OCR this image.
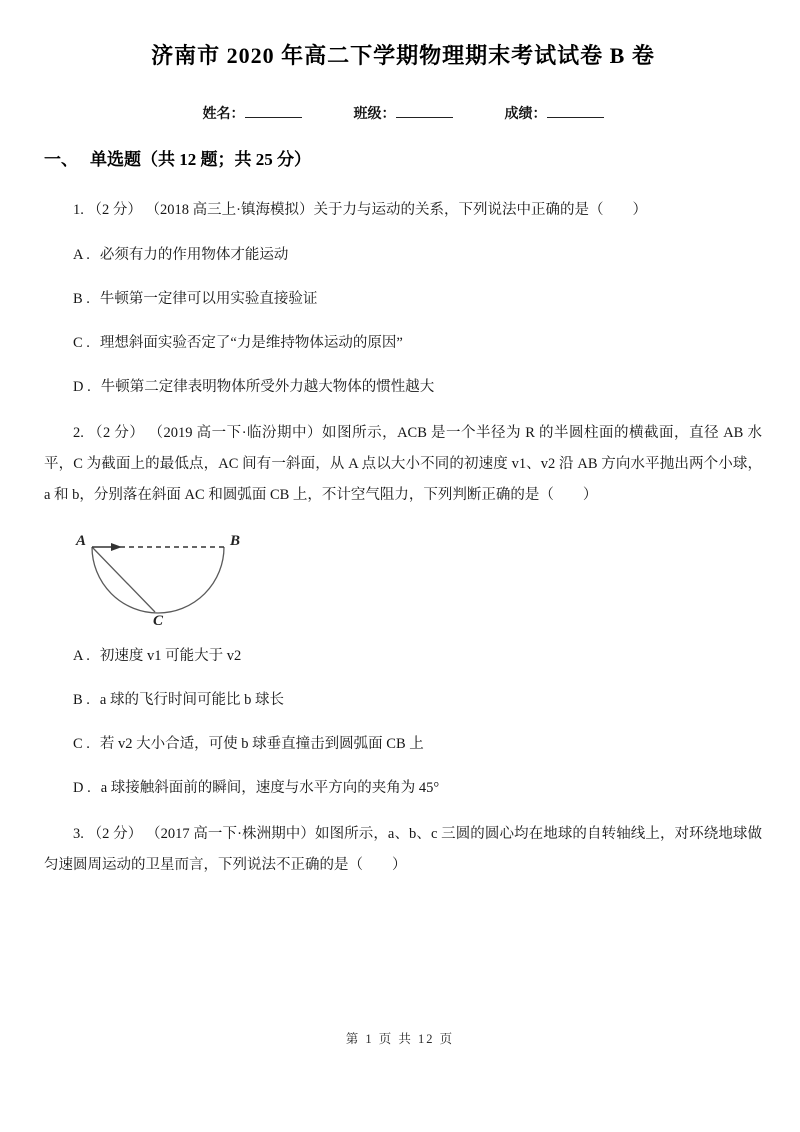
济南市 2020 年高二下学期物理期末考试试卷 B 卷
姓名：	班级：	成绩：
一、 单选题（共 12 题；共 25 分）

1. （2 分） （2018 高三上·镇海模拟）关于力与运动的关系，下列说法中正确的是（　　）

A . 必须有力的作用物体才能运动

B . 牛顿第一定律可以用实验直接验证

C . 理想斜面实验否定了“力是维持物体运动的原因”

D . 牛顿第二定律表明物体所受外力越大物体的惯性越大

2. （2 分） （2019 高一下·临汾期中）如图所示，ACB 是一个半径为 R 的半圆柱面的横截面，直径 AB 水平，C 为截面上的最低点，AC 间有一斜面，从 A 点以大小不同的初速度 v1、v2 沿 AB 方向水平抛出两个小球，a 和 b，分别落在斜面 AC 和圆弧面 CB 上，不计空气阻力，下列判断正确的是（　　）

A	B
C

A . 初速度 v1 可能大于 v2

B . a 球的飞行时间可能比 b 球长

C . 若 v2 大小合适，可使 b 球垂直撞击到圆弧面 CB 上

D . a 球接触斜面前的瞬间，速度与水平方向的夹角为 45°

3. （2 分） （2017 高一下·株洲期中）如图所示，a、b、c 三圆的圆心均在地球的自转轴线上，对环绕地球做匀速圆周运动的卫星而言，下列说法不正确的是（　　）

第 1 页 共 12 页
